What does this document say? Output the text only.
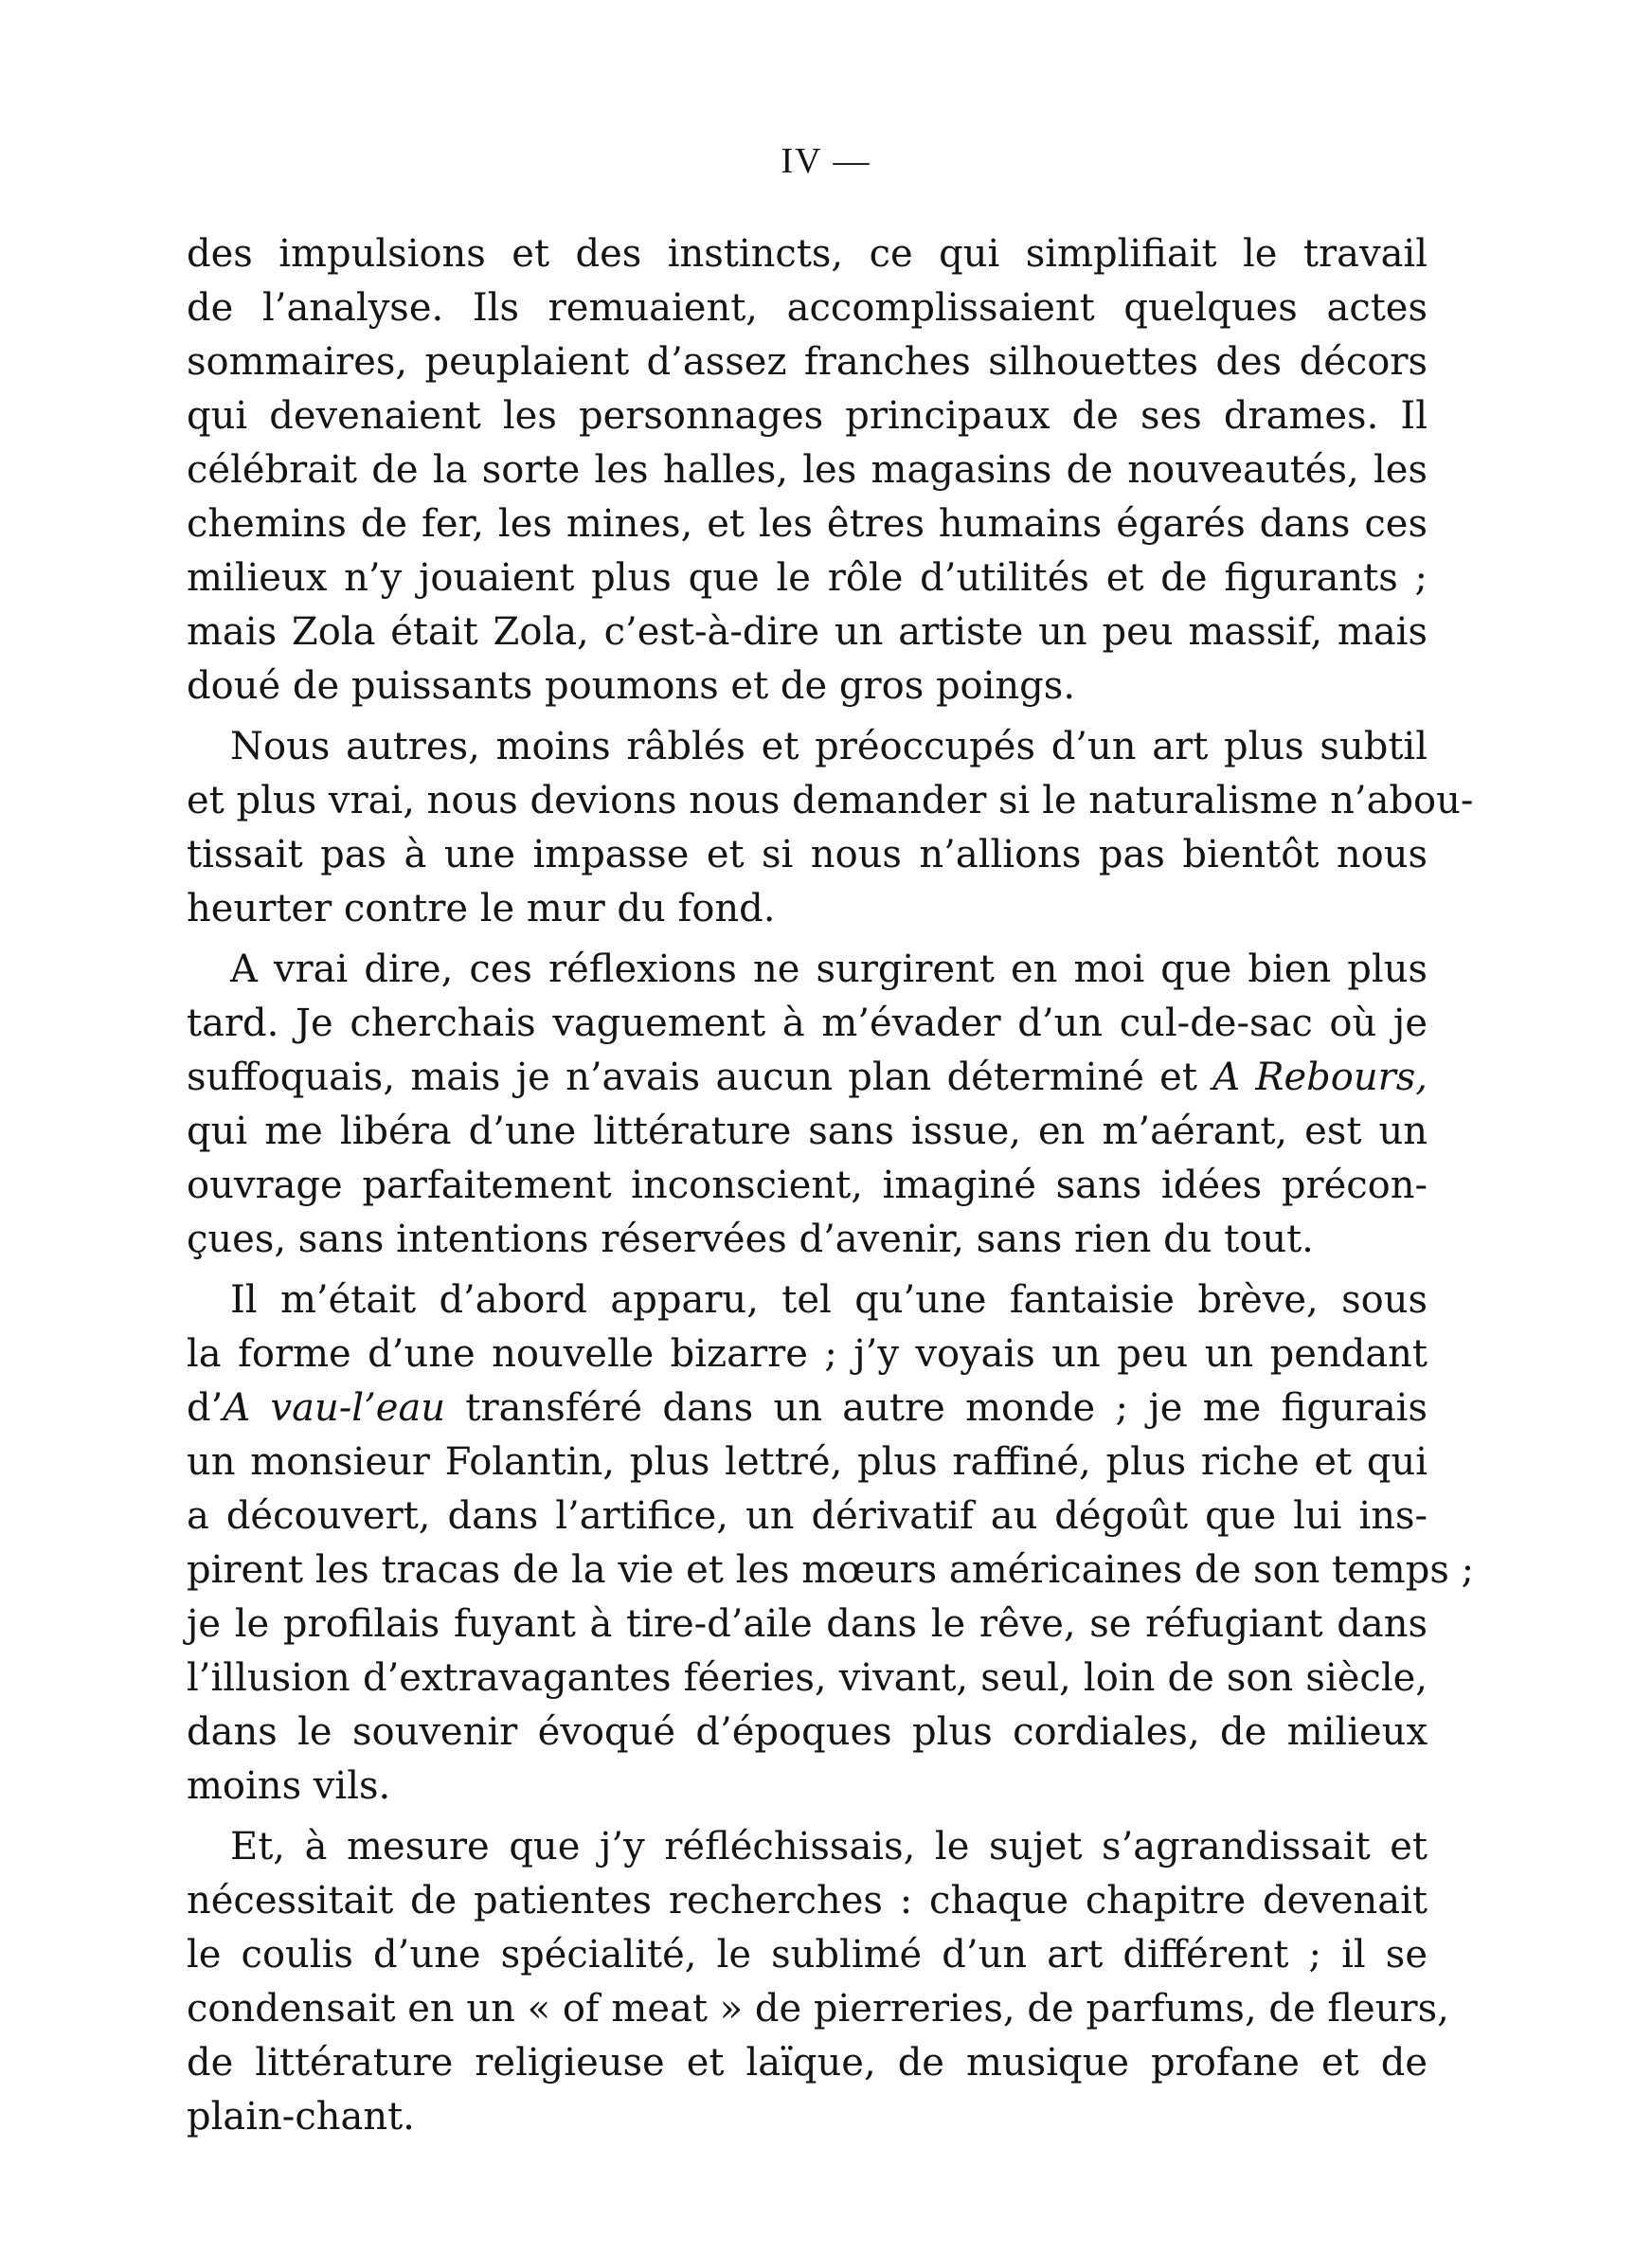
IV —
des impulsions et des instincts, ce qui simplifiait le travail
de l’analyse. Ils remuaient, accomplissaient quelques actes
sommaires, peuplaient d’assez franches silhouettes des décors
qui devenaient les personnages principaux de ses drames. Il
célébrait de la sorte les halles, les magasins de nouveautés, les
chemins de fer, les mines, et les êtres humains égarés dans ces
milieux n’y jouaient plus que le rôle d’utilités et de figurants ;
mais Zola était Zola, c’est-à-dire un artiste un peu massif, mais
doué de puissants poumons et de gros poings.
Nous autres, moins râblés et préoccupés d’un art plus subtil
et plus vrai, nous devions nous demander si le naturalisme n’abou-
tissait pas à une impasse et si nous n’allions pas bientôt nous
heurter contre le mur du fond.
A vrai dire, ces réflexions ne surgirent en moi que bien plus
tard. Je cherchais vaguement à m’évader d’un cul-de-sac où je
suffoquais, mais je n’avais aucun plan déterminé et A Rebours,
qui me libéra d’une littérature sans issue, en m’aérant, est un
ouvrage parfaitement inconscient, imaginé sans idées précon-
çues, sans intentions réservées d’avenir, sans rien du tout.
Il m’était d’abord apparu, tel qu’une fantaisie brève, sous
la forme d’une nouvelle bizarre ; j’y voyais un peu un pendant
d’A vau-l’eau transféré dans un autre monde ; je me figurais
un monsieur Folantin, plus lettré, plus raffiné, plus riche et qui
a découvert, dans l’artifice, un dérivatif au dégoût que lui ins-
pirent les tracas de la vie et les mœurs américaines de son temps ;
je le profilais fuyant à tire-d’aile dans le rêve, se réfugiant dans
l’illusion d’extravagantes féeries, vivant, seul, loin de son siècle,
dans le souvenir évoqué d’époques plus cordiales, de milieux
moins vils.
Et, à mesure que j’y réfléchissais, le sujet s’agrandissait et
nécessitait de patientes recherches : chaque chapitre devenait
le coulis d’une spécialité, le sublimé d’un art différent ; il se
condensait en un « of meat » de pierreries, de parfums, de fleurs,
de littérature religieuse et laïque, de musique profane et de
plain-chant.
